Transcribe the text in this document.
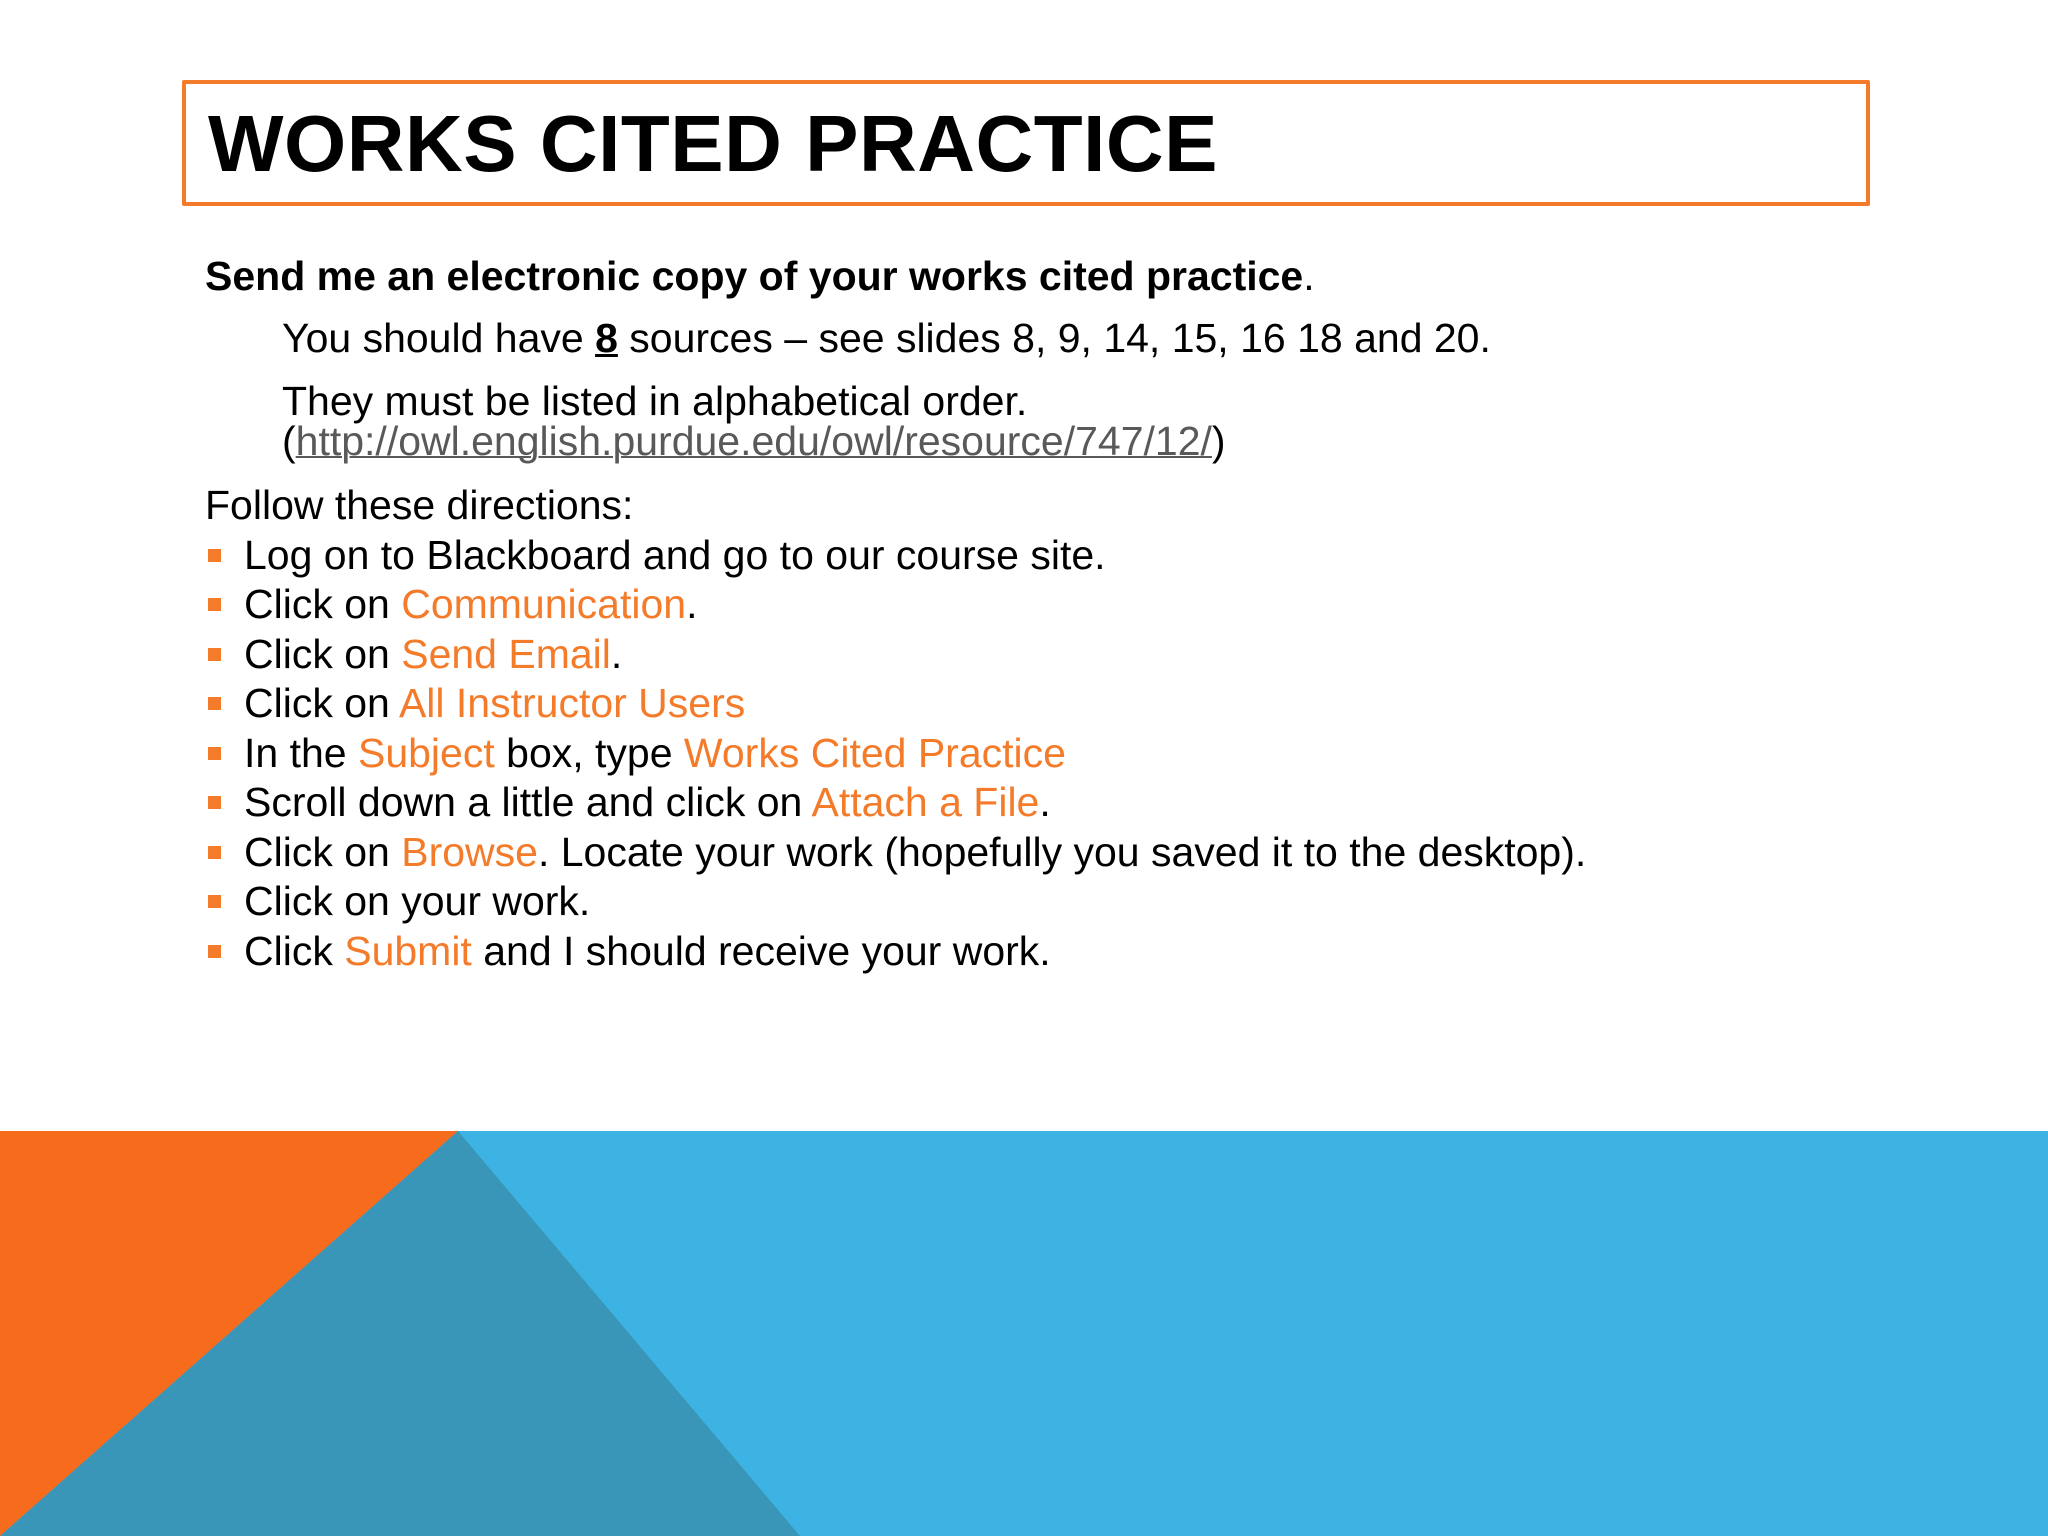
WORKS CITED PRACTICE
Send me an electronic copy of your works cited practice.
You should have 8 sources – see slides 8, 9, 14, 15, 16 18 and 20.
They must be listed in alphabetical order.
(http://owl.english.purdue.edu/owl/resource/747/12/)
Follow these directions:
Log on to Blackboard and go to our course site.
Click on Communication.
Click on Send Email.
Click on All Instructor Users
In the Subject box, type Works Cited Practice
Scroll down a little and click on Attach a File.
Click on Browse. Locate your work (hopefully you saved it to the desktop).
Click on your work.
Click Submit and I should receive your work.
